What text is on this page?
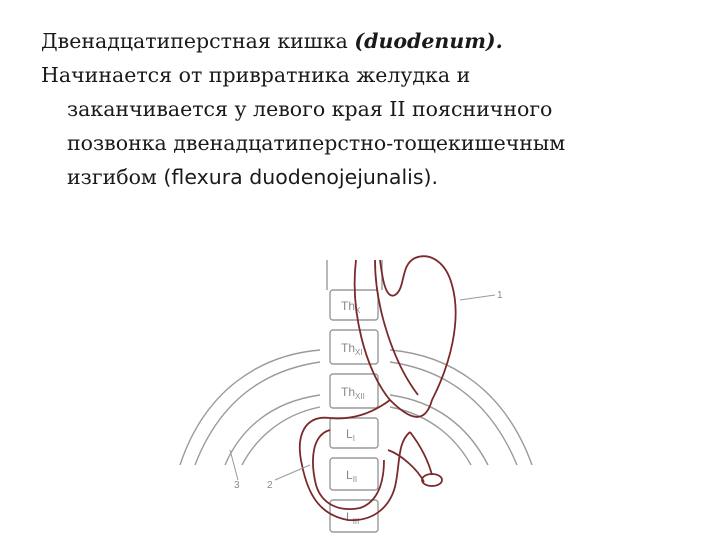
Двенадцатиперстная кишка (duodenum).

Начинается от привратника желудка и
заканчивается у левого края II поясничного
позвонка двенадцатиперстно-тощекишечным
изгибом (flexura duodenojejunalis).

$Th_X$
$Th_{XI}$
$Th_{XII}$
$L_I$
$L_{II}$
$L_{III}$
1
2
3
